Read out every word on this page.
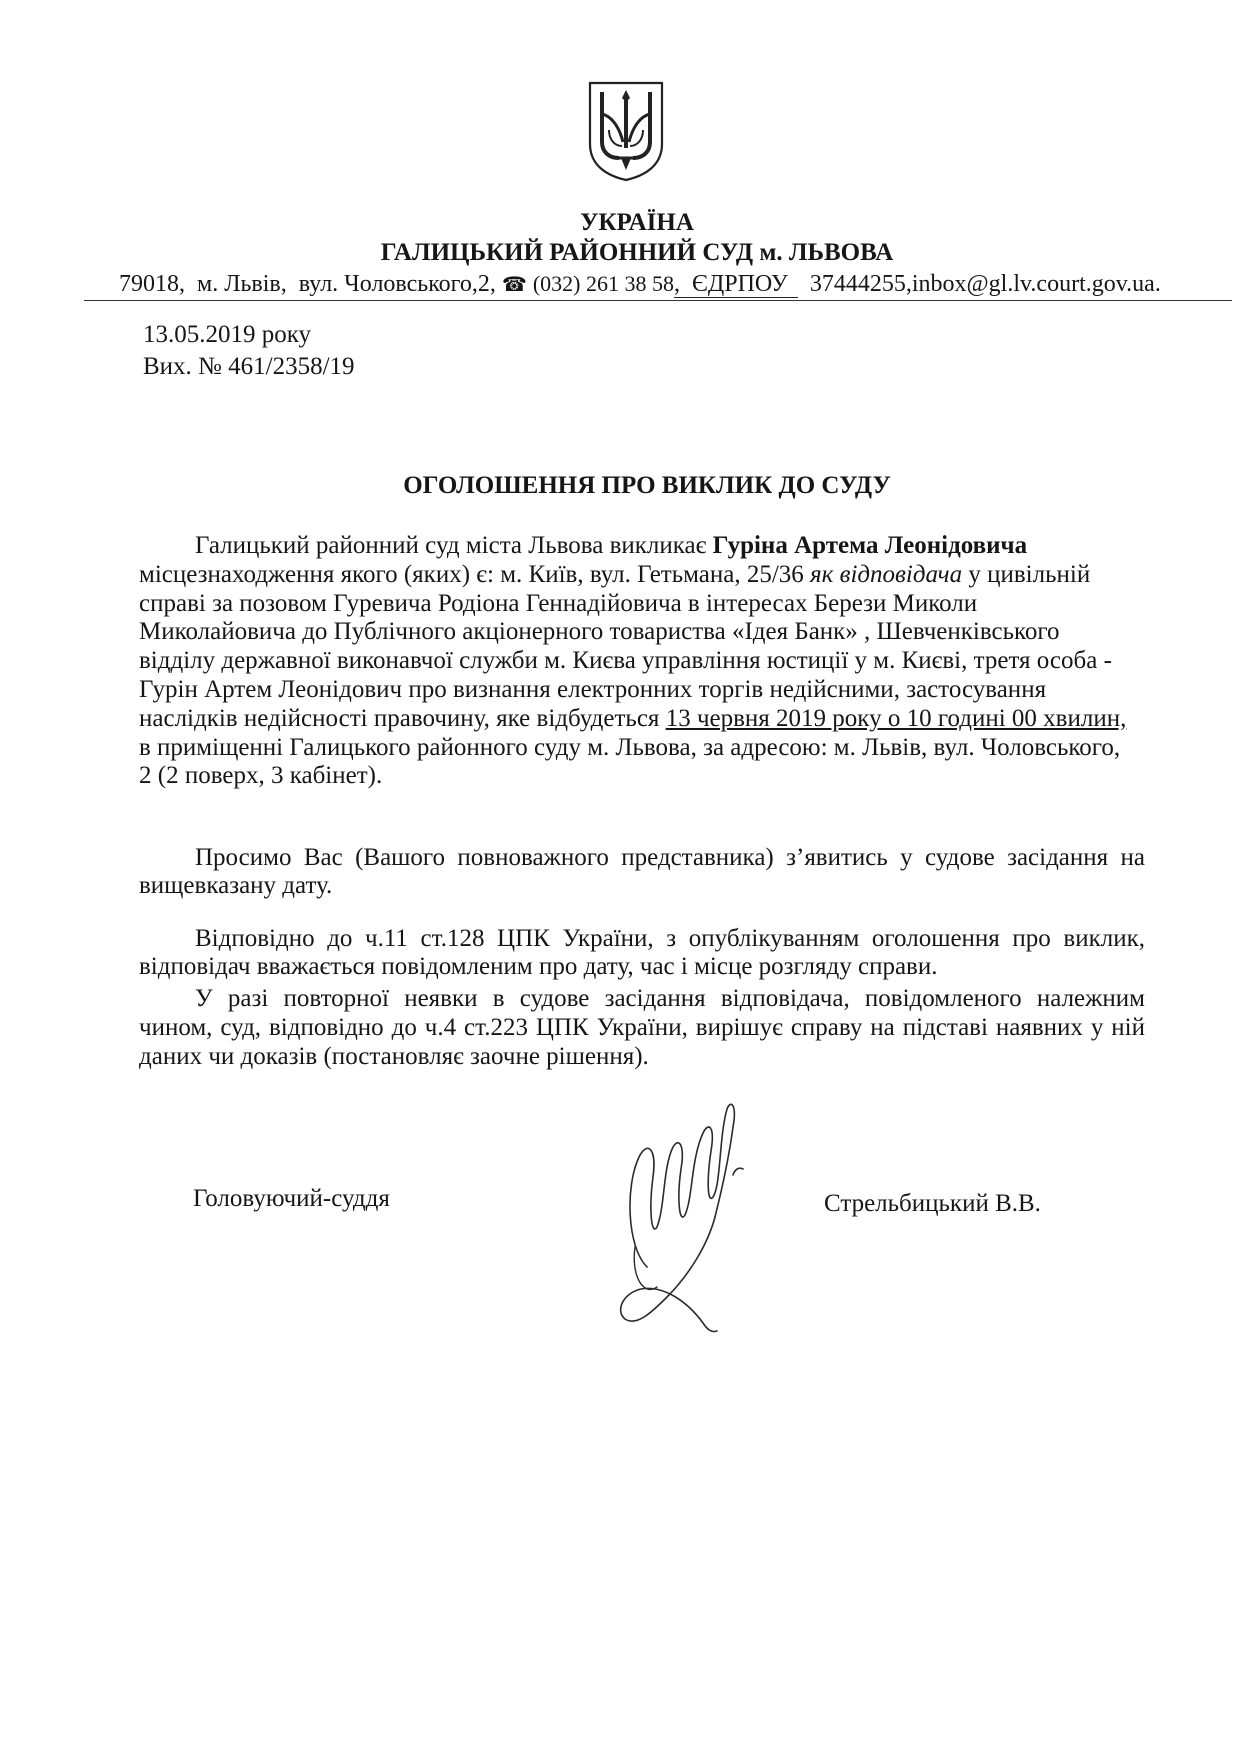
УКРАЇНА
ГАЛИЦЬКИЙ РАЙОННИЙ СУД м. ЛЬВОВА
79018,  м. Львів,  вул. Чоловського,2, ☎ (032) 261 38 58,  ЄДРПОУ 37444255,inbox@gl.lv.court.gov.ua.
13.05.2019 року
Вих. № 461/2358/19
ОГОЛОШЕННЯ ПРО ВИКЛИК ДО СУДУ
Галицький районний суд міста Львова викликає Гуріна Артема Леонідовича
місцезнаходження якого (яких) є: м. Київ, вул. Гетьмана, 25/36 як відповідача у цивільній
справі за позовом Гуревича Родіона Геннадійовича в інтересах Берези Миколи
Миколайовича до Публічного акціонерного товариства «Ідея Банк» , Шевченківського
відділу державної виконавчої служби м. Києва управління юстиції у м. Києві, третя особа -
Гурін Артем Леонідович про визнання електронних торгів недійсними, застосування
наслідків недійсності правочину, яке відбудеться 13 червня 2019 року о 10 годині 00 хвилин,
в приміщенні Галицького районного суду м. Львова, за адресою: м. Львів, вул. Чоловського,
2 (2 поверх, 3 кабінет).
Просимо Вас (Вашого повноважного представника) з’явитись у судове засідання на
вищевказану дату.
Відповідно до ч.11 ст.128 ЦПК України, з опублікуванням оголошення про виклик,
відповідач вважається повідомленим про дату, час і місце розгляду справи.
У разі повторної неявки в судове засідання відповідача, повідомленого належним
чином, суд, відповідно до ч.4 ст.223 ЦПК України, вирішує справу на підставі наявних у ній
даних чи доказів (постановляє заочне рішення).
Головуючий-суддя	Стрельбицький В.В.
